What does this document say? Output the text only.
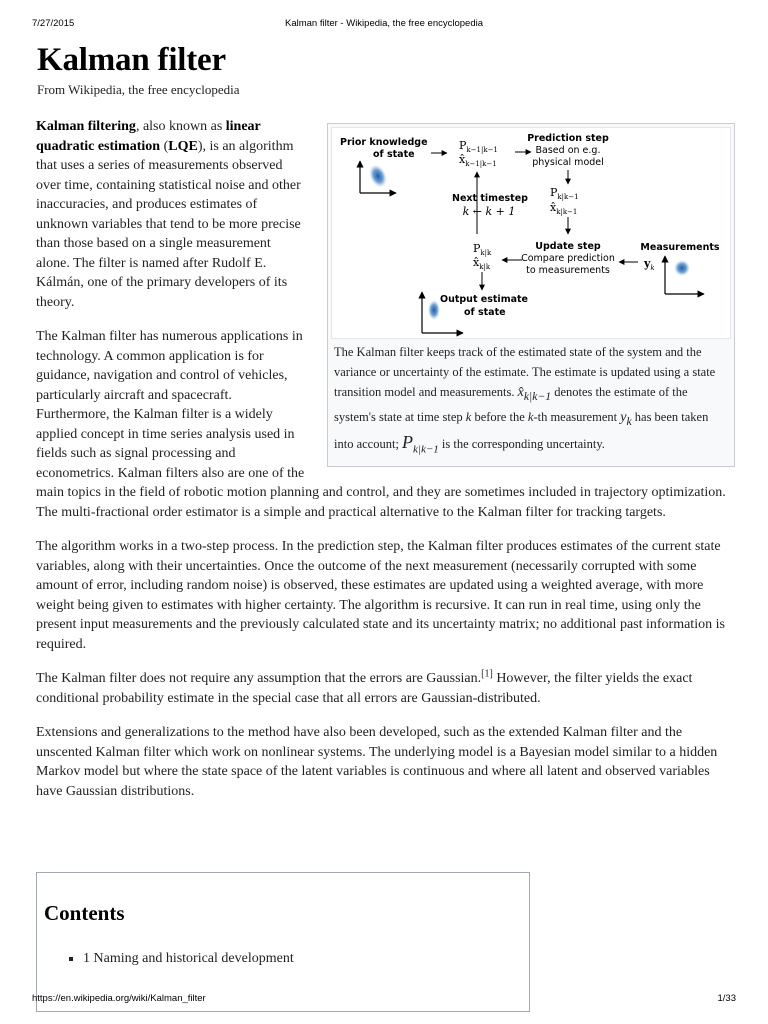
7/27/2015	Kalman filter - Wikipedia, the free encyclopedia
Kalman filter
From Wikipedia, the free encyclopedia
Prior knowledge
of state
$P_{k-1|k-1}$
$x̂_{k-1|k-1}$
Prediction step
Based on e.g.
physical model
$P_{k|k-1}$
$x̂_{k|k-1}$
Next timestep
k ← k + 1
Update step
Compare prediction
to measurements
$P_{k|k}$
$x̂_{k|k}$
Measurements
$y_k$
Output estimate
of state
The Kalman filter keeps track of the estimated state of the system and the variance or uncertainty of the estimate. The estimate is updated using a state transition model and measurements. $x̂_{k|k-1}$ denotes the estimate of the system's state at time step k before the k-th measurement $y_k$ has been taken into account; $P_{k|k-1}$ is the corresponding uncertainty.

Kalman filtering, also known as linear quadratic estimation (LQE), is an algorithm that uses a series of measurements observed over time, containing statistical noise and other inaccuracies, and produces estimates of unknown variables that tend to be more precise than those based on a single measurement alone. The filter is named after Rudolf E. Kálmán, one of the primary developers of its theory.

The Kalman filter has numerous applications in technology. A common application is for guidance, navigation and control of vehicles, particularly aircraft and spacecraft. Furthermore, the Kalman filter is a widely applied concept in time series analysis used in fields such as signal processing and econometrics. Kalman filters also are one of the main topics in the field of robotic motion planning and control, and they are sometimes included in trajectory optimization. The multi-fractional order estimator is a simple and practical alternative to the Kalman filter for tracking targets.

The algorithm works in a two-step process. In the prediction step, the Kalman filter produces estimates of the current state variables, along with their uncertainties. Once the outcome of the next measurement (necessarily corrupted with some amount of error, including random noise) is observed, these estimates are updated using a weighted average, with more weight being given to estimates with higher certainty. The algorithm is recursive. It can run in real time, using only the present input measurements and the previously calculated state and its uncertainty matrix; no additional past information is required.

The Kalman filter does not require any assumption that the errors are Gaussian.[1] However, the filter yields the exact conditional probability estimate in the special case that all errors are Gaussian-distributed.

Extensions and generalizations to the method have also been developed, such as the extended Kalman filter and the unscented Kalman filter which work on nonlinear systems. The underlying model is a Bayesian model similar to a hidden Markov model but where the state space of the latent variables is continuous and where all latent and observed variables have Gaussian distributions.

Contents
▪ 1 Naming and historical development
https://en.wikipedia.org/wiki/Kalman_filter	1/33
